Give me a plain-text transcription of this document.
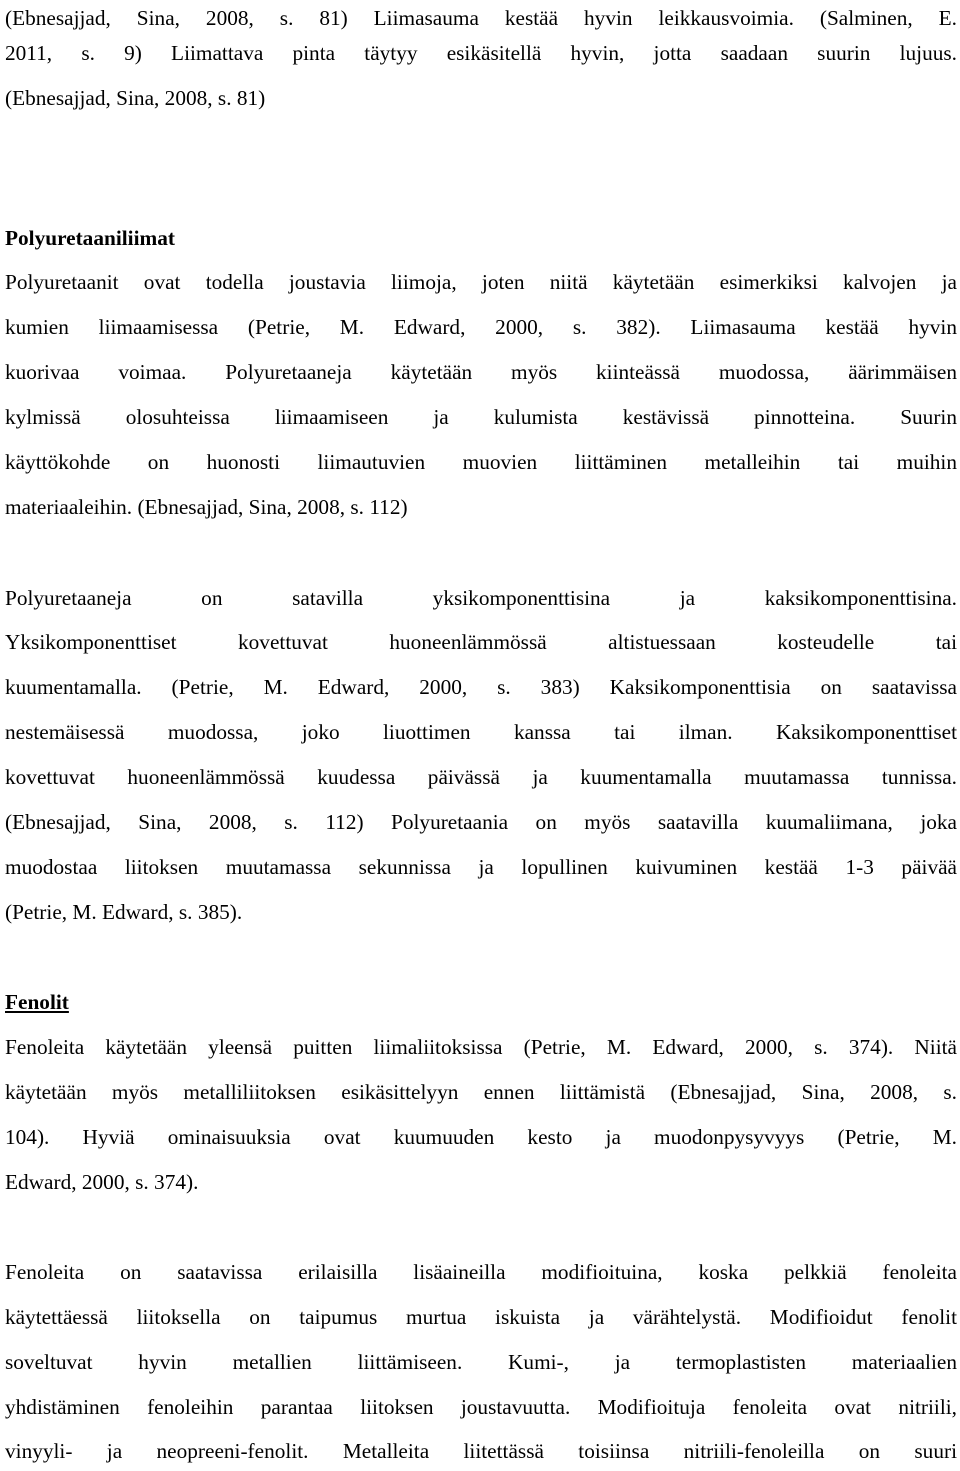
(Ebnesajjad, Sina, 2008, s. 81) Liimasauma kestää hyvin leikkausvoimia. (Salminen, E.
2011, s. 9) Liimattava pinta täytyy esikäsitellä hyvin, jotta saadaan suurin lujuus.
(Ebnesajjad, Sina, 2008, s. 81)
Polyuretaaniliimat
Polyuretaanit ovat todella joustavia liimoja, joten niitä käytetään esimerkiksi kalvojen ja
kumien liimaamisessa (Petrie, M. Edward, 2000, s. 382). Liimasauma kestää hyvin
kuorivaa voimaa. Polyuretaaneja käytetään myös kiinteässä muodossa, äärimmäisen
kylmissä olosuhteissa liimaamiseen ja kulumista kestävissä pinnotteina. Suurin
käyttökohde on huonosti liimautuvien muovien liittäminen metalleihin tai muihin
materiaaleihin. (Ebnesajjad, Sina, 2008, s. 112)
Polyuretaaneja on satavilla yksikomponenttisina ja kaksikomponenttisina.
Yksikomponenttiset kovettuvat huoneenlämmössä altistuessaan kosteudelle tai
kuumentamalla. (Petrie, M. Edward, 2000, s. 383) Kaksikomponenttisia on saatavissa
nestemäisessä muodossa, joko liuottimen kanssa tai ilman. Kaksikomponenttiset
kovettuvat huoneenlämmössä kuudessa päivässä ja kuumentamalla muutamassa tunnissa.
(Ebnesajjad, Sina, 2008, s. 112) Polyuretaania on myös saatavilla kuumaliimana, joka
muodostaa liitoksen muutamassa sekunnissa ja lopullinen kuivuminen kestää 1-3 päivää
(Petrie, M. Edward, s. 385).
Fenolit
Fenoleita käytetään yleensä puitten liimaliitoksissa (Petrie, M. Edward, 2000, s. 374). Niitä
käytetään myös metalliliitoksen esikäsittelyyn ennen liittämistä (Ebnesajjad, Sina, 2008, s.
104). Hyviä ominaisuuksia ovat kuumuuden kesto ja muodonpysyvyys (Petrie, M.
Edward, 2000, s. 374).
Fenoleita on saatavissa erilaisilla lisäaineilla modifioituina, koska pelkkiä fenoleita
käytettäessä liitoksella on taipumus murtua iskuista ja värähtelystä. Modifioidut fenolit
soveltuvat hyvin metallien liittämiseen. Kumi-, ja termoplastisten materiaalien
yhdistäminen fenoleihin parantaa liitoksen joustavuutta. Modifioituja fenoleita ovat nitriili,
vinyyli- ja neopreeni-fenolit. Metalleita liitettässä toisiinsa nitriili-fenoleilla on suuri
